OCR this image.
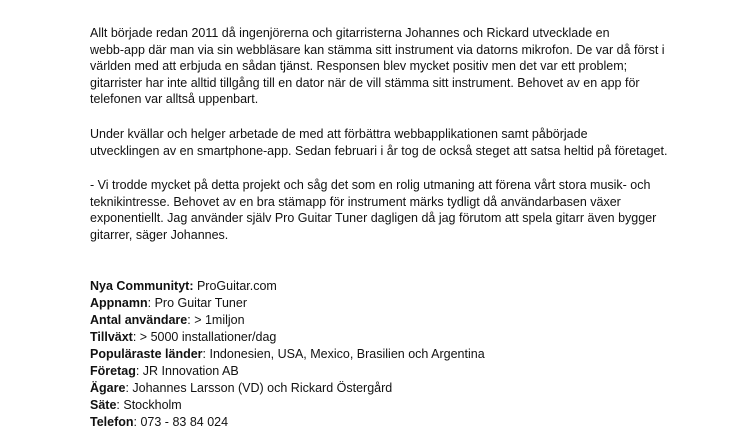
Allt började redan 2011 då ingenjörerna och gitarristerna Johannes och Rickard utvecklade en
webb-app där man via sin webbläsare kan stämma sitt instrument via datorns mikrofon. De var då först i
världen med att erbjuda en sådan tjänst. Responsen blev mycket positiv men det var ett problem;
gitarrister har inte alltid tillgång till en dator när de vill stämma sitt instrument. Behovet av en app för
telefonen var alltså uppenbart.
Under kvällar och helger arbetade de med att förbättra webbapplikationen samt påbörjade
utvecklingen av en smartphone-app. Sedan februari i år tog de också steget att satsa heltid på företaget.
- Vi trodde mycket på detta projekt och såg det som en rolig utmaning att förena vårt stora musik- och
teknikintresse. Behovet av en bra stämapp för instrument märks tydligt då användarbasen växer
exponentiellt. Jag använder själv Pro Guitar Tuner dagligen då jag förutom att spela gitarr även bygger
gitarrer, säger Johannes.
Nya Communityt: ProGuitar.com
Appnamn: Pro Guitar Tuner
Antal användare: > 1miljon
Tillväxt: > 5000 installationer/dag
Populäraste länder: Indonesien, USA, Mexico, Brasilien och Argentina
Företag: JR Innovation AB
Ägare: Johannes Larsson (VD) och Rickard Östergård
Säte: Stockholm
Telefon: 073 - 83 84 024
